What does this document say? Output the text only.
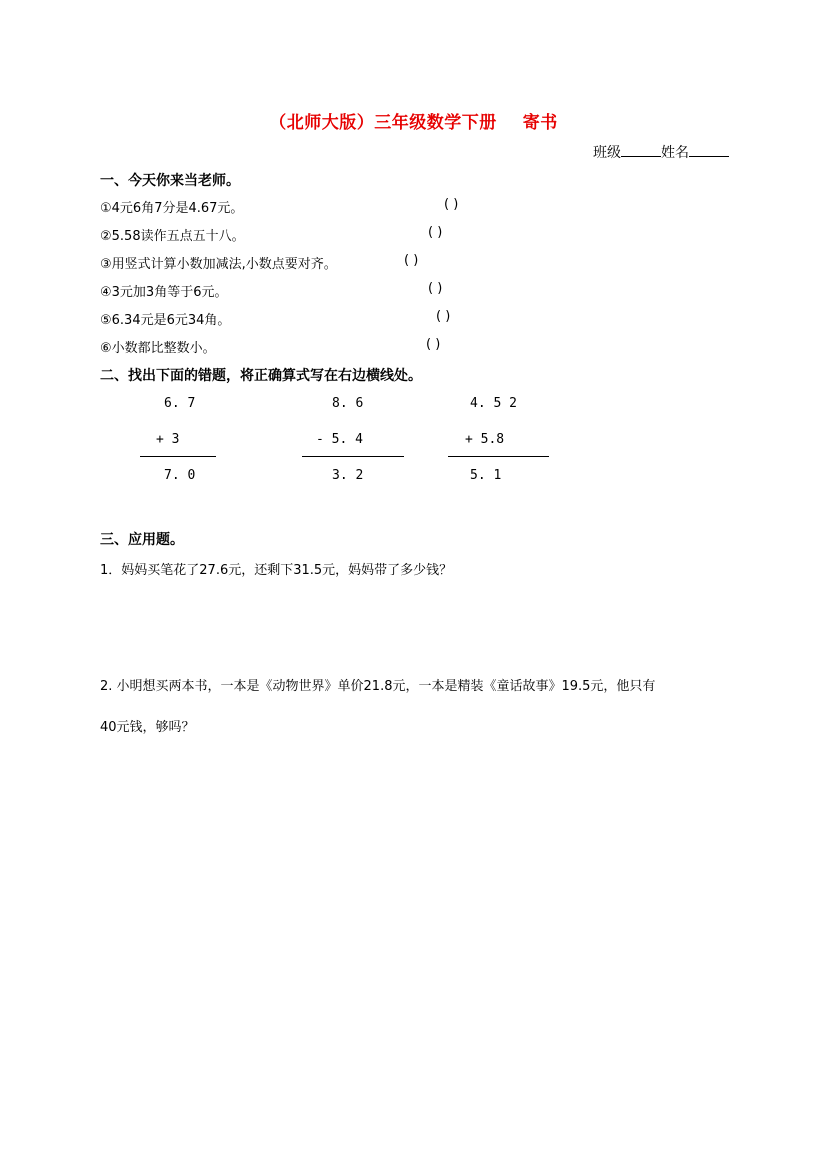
（北师大版）三年级数学下册 寄书
班级	姓名
一、今天你来当老师。
①4元6角7分是4.67元。	( )
②5.58读作五点五十八。	( )
③用竖式计算小数加减法,小数点要对齐。	( )
④3元加3角等于6元。	( )
⑤6.34元是6元34角。	( )
⑥小数都比整数小。	( )
二、找出下面的错题，将正确算式写在右边横线处。
6. 7
+ 3
7. 0
8. 6
- 5. 4
3. 2
4. 5 2
+ 5.8
5. 1
三、应用题。
1．妈妈买笔花了27.6元，还剩下31.5元，妈妈带了多少钱？
2. 小明想买两本书，一本是《动物世界》单价21.8元，一本是精装《童话故事》19.5元，他只有
40元钱，够吗？
